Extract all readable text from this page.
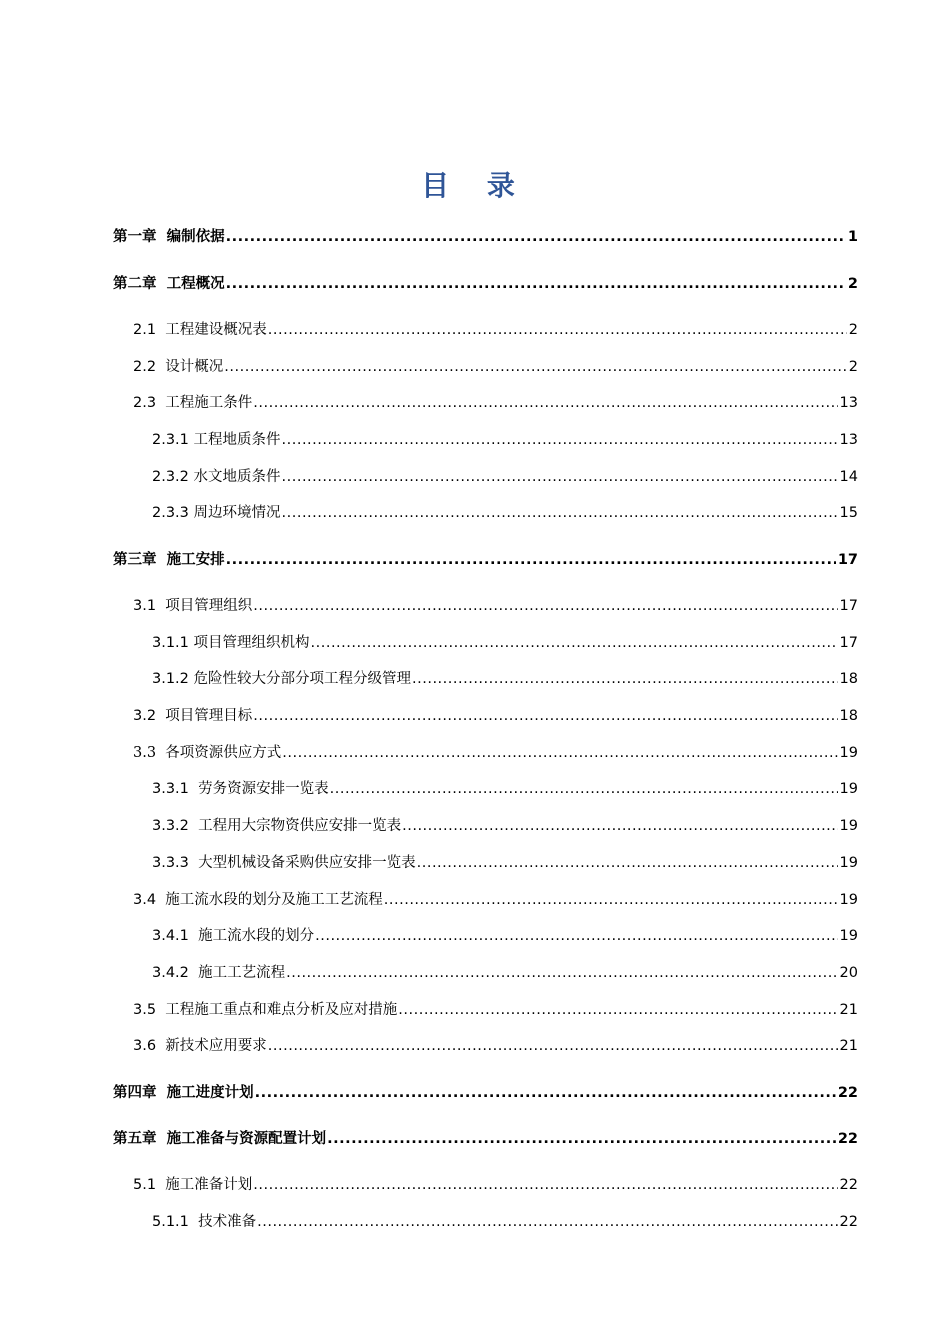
目 录
第一章  编制依据 .....	1
第二章  工程概况 .....	2
2.1  工程建设概况表 .....	2
2.2  设计概况 .....	2
2.3  工程施工条件 .....	13
2.3.1 工程地质条件 .....	13
2.3.2 水文地质条件 .....	14
2.3.3 周边环境情况 .....	15
第三章  施工安排 .....	17
3.1  项目管理组织 .....	17
3.1.1 项目管理组织机构 .....	17
3.1.2 危险性较大分部分项工程分级管理 .....	18
3.2  项目管理目标 .....	18
3.3  各项资源供应方式 .....	19
3.3.1  劳务资源安排一览表 .....	19
3.3.2  工程用大宗物资供应安排一览表 .....	19
3.3.3  大型机械设备采购供应安排一览表 .....	19
3.4  施工流水段的划分及施工工艺流程 .....	19
3.4.1  施工流水段的划分 .....	19
3.4.2  施工工艺流程 .....	20
3.5  工程施工重点和难点分析及应对措施 .....	21
3.6  新技术应用要求 .....	21
第四章  施工进度计划 .....	22
第五章  施工准备与资源配置计划 .....	22
5.1  施工准备计划 .....	22
5.1.1  技术准备 .....	22
